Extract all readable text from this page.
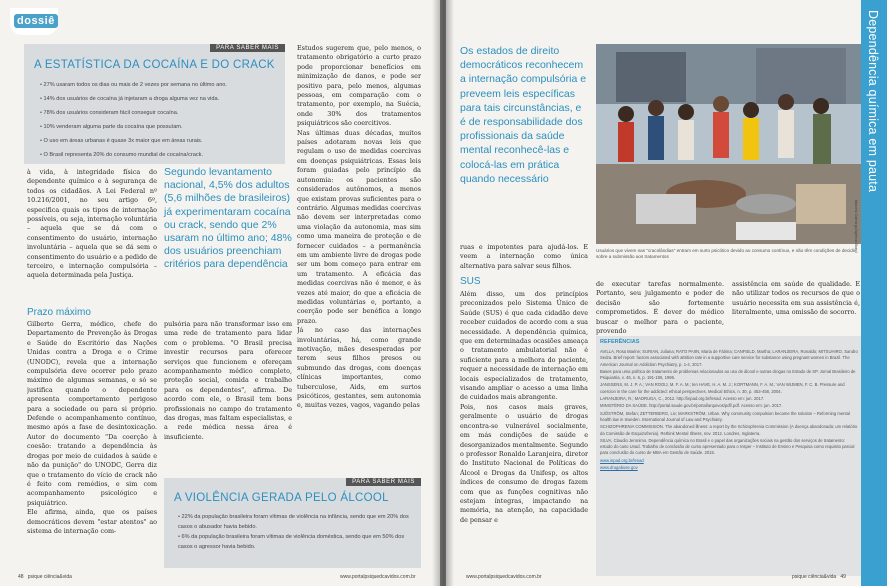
dossiê
PARA SABER MAIS
A ESTATÍSTICA DA COCAÍNA E DO CRACK
• 27% usaram todos os dias ou mais de 2 vezes por semana no último ano.
• 14% dos usuários de cocaína já injetaram a droga alguma vez na vida.
• 78% dos usuários consideram fácil conseguir cocaína.
• 10% venderam alguma parte da cocaína que possuíam.
• O uso em áreas urbanas é quase 3x maior que em áreas rurais.
• O Brasil representa 20% do consumo mundial de cocaína/crack.

à vida, à integridade física do dependente químico e à segurança de todos os cidadãos. A Lei Federal nº 10.216/2001, no seu artigo 6º, especifica quais os tipos de internação possíveis, ou seja, internação voluntária – aquela que se dá com o consentimento do usuário, internação involuntária – aquela que se dá sem o consentimento do usuário e a pedido de terceiro, e internação compulsória – aquela determinada pela Justiça.

Prazo máximo

Gilberto Gerra, médico, chefe do Departamento de Prevenção às Drogas e Saúde do Escritório das Nações Unidas contra a Droga e o Crime (UNODC), revela que a internação compulsória deve ocorrer pelo prazo máximo de algumas semanas, e só se justifica quando o dependente apresenta comportamento perigoso para a sociedade ou para si próprio. Defende o acompanhamento contínuo, mesmo após a fase de desintoxicação. Autor do documento "Da coerção à coesão: tratando a dependência às drogas por meio de cuidados à saúde e não da punição" do UNODC, Gerra diz que o tratamento do vício de crack não é feito com remédios, e sim com acompanhamento psicológico e psiquiátrico.

Ele afirma, ainda, que os países democráticos devem "estar atentos" ao sistema de internação com-

Segundo levantamento nacional, 4,5% dos adultos (5,6 milhões de brasileiros) já experimentaram cocaína ou crack, sendo que 2% usaram no último ano; 48% dos usuários preenchiam critérios para dependência

pulsória para não transformar isso em uma rede de tratamento para lidar com o problema. "O Brasil precisa investir recursos para oferecer serviços que funcionem e ofereçam acompanhamento médico completo, proteção social, comida e trabalho para os dependentes", afirma. De acordo com ele, o Brasil tem bons profissionais no campo do tratamento das drogas, mas faltam especialistas, e a rede médica nessa área é insuficiente.

Estudos sugerem que, pelo menos, o tratamento obrigatório a curto prazo pode proporcionar benefícios em minimização de danos, e pode ser positivo para, pelo menos, algumas pessoas, em comparação com o tratamento, por exemplo, na Suécia, onde 30% dos tratamentos psiquiátricos são coercitivos.

Nas últimas duas décadas, muitos países adotaram novas leis que regulam o uso de medidas coercivas em doenças psiquiátricas. Essas leis foram guiadas pelo princípio da autonomia: os pacientes são considerados autônomos, a menos que existam provas suficientes para o contrário. Algumas medidas coercivas não devem ser interpretadas como uma violação da autonomia, mas sim como uma maneira de proteção e de fornecer cuidados – a permanência em um ambiente livre de drogas pode ser um bom começo para entrar em um tratamento. A eficácia das medidas coercivas não é menor, e às vezes até maior, do que a eficácia de medidas voluntárias e, portanto, a coerção pode ser benéfica a longo prazo.

Já no caso das internações involuntárias, há, como grande motivação, mães desesperadas por terem seus filhos presos ou submundo das drogas, com doenças clínicas importantes, como tuberculose, Aids, em surtos psicóticos, gestantes, sem autonomia e, muitas vezes, vagos, vagando pelas

PARA SABER MAIS
A VIOLÊNCIA GERADA PELO ÁLCOOL
• 22% da população brasileira foram vítimas de violência na infância, sendo que em 20% dos casos o abusador havia bebido.
• 6% da população brasileira foram vítimas de violência doméstica, sendo que em 50% dos casos o agressor havia bebido.
48 psique ciência&vida	www.portalpsiquedcavidos.com.br
Os estados de direito democráticos reconhecem a internação compulsória e preveem leis específicas para tais circunstâncias, e é de responsabilidade dos profissionais da saúde mental reconhecê-las e colocá-las em prática quando necessário

ruas e impotentes para ajudá-los. E veem a internação como única alternativa para salvar seus filhos.

SUS

Além disso, um dos princípios preconizados pelo Sistema Único de Saúde (SUS) é que cada cidadão deve receber cuidados de acordo com a sua necessidade. A dependência química, que em determinadas ocasiões ameaça o tratamento ambulatorial não é suficiente para a melhora do paciente, requer a necessidade de internação em locais especializados de tratamento, visando ampliar o acesso a uma linha de cuidados mais abrangente.

Pois, nos casos mais graves, geralmente o usuário de drogas encontra-se vulnerável socialmente, em más condições de saúde e desorganizados mentalmente. Segundo o professor Ronaldo Laranjeira, diretor do Instituto Nacional de Políticas do Álcool e Drogas da Unifesp, os altos índices de consumo de drogas fazem com que as funções cognitivas não estejam íntegras, impactando na memória, na atenção, na capacidade de pensar e

Marcelo Camargo/Agência Brasil
Usuários que vivem nas "cracolândias" entram em surto psicótico devido ao consumo contínuo, e não têm condições de decidir sobre a submissão aos tratamentos

de executar tarefas normalmente. Portanto, seu julgamento e poder de decisão são fortemente comprometidos. É dever do médico buscar o melhor para o paciente, provendo

assistência em saúde de qualidade. E não utilizar todos os recursos de que o usuário necessita em sua assistência é, literalmente, uma omissão de socorro.

REFERÊNCIAS
AVILLA, Rosa Marine; SURIAN, Juliana; RATO PAIIN, Maria de Fátima; CANFIELD, Martha; LARANJEIRA, Ronaldo; MITSUHIRO, Sandro Sedra. Brief report: factors associated with attrition rate in a supportive care service for substance using pregnant women in Brazil. The American Journal on Addiction Psychiatry, p. 1-4, 2017.
Bases para uma política de tratamento de problemas relacionados ao uso de álcool e outras drogas no Estado de SP. Jornal Brasileiro de Psiquiatria, v. 45, n. 6, p. 191-195, 1996.
JANSSENS, M. J. P. A.; VAN ROOIJ, M. F. A. M.; ten HAVE, H. A. M. J.; KORTMANN, F. A. M.; VAN WIJMEN, F. C. B. Pressure and coercion in the care for the addicted: ethical perspectives. Medical Ethics, n. 30, p. 453-458, 2004.
LARANJEIRA, R.; MADRUGA, C., 2012. http://inpad.org.br/lenad. Acesso em: jun. 2017.
MINISTÉRIO DA SAÚDE. http://portal.saude.gov.br/portal/arquivos/pdf/.pdf. Acesso em: jun. 2017.
SJÖSTRÖM, Stefan; ZETTERBERG, Liv; MARKSTRÖM, Urban. Why community compulsion became the solution – Reforming mental health law in Sweden. International Journal of Law and Psychiatry.
SCHIZOPHRENIA COMMISSION. The abandoned illness: a report by the Schizophrenia Commission (A doença abandonada: um relatório da Comissão de Esquizofrenia). Rethink Mental Illness, nov. 2012. Londres, Inglaterra.
SILVA, Claudio Jeronimo. Dependência química no Brasil e o papel das organizações sociais na gestão dos serviços de tratamento: estudo do caso Unad. Trabalho de conclusão de curso apresentado para o Insper – Instituto de Ensino e Pesquisa como requisito parcial para conclusão do curso de MBA em Gestão de Saúde. 2015.
www.inpad.org.br/lenad
www.drugabuse.gov
Dependência química em pauta
www.portalpsiquedcavidos.com.br	psique ciência&vida 49
